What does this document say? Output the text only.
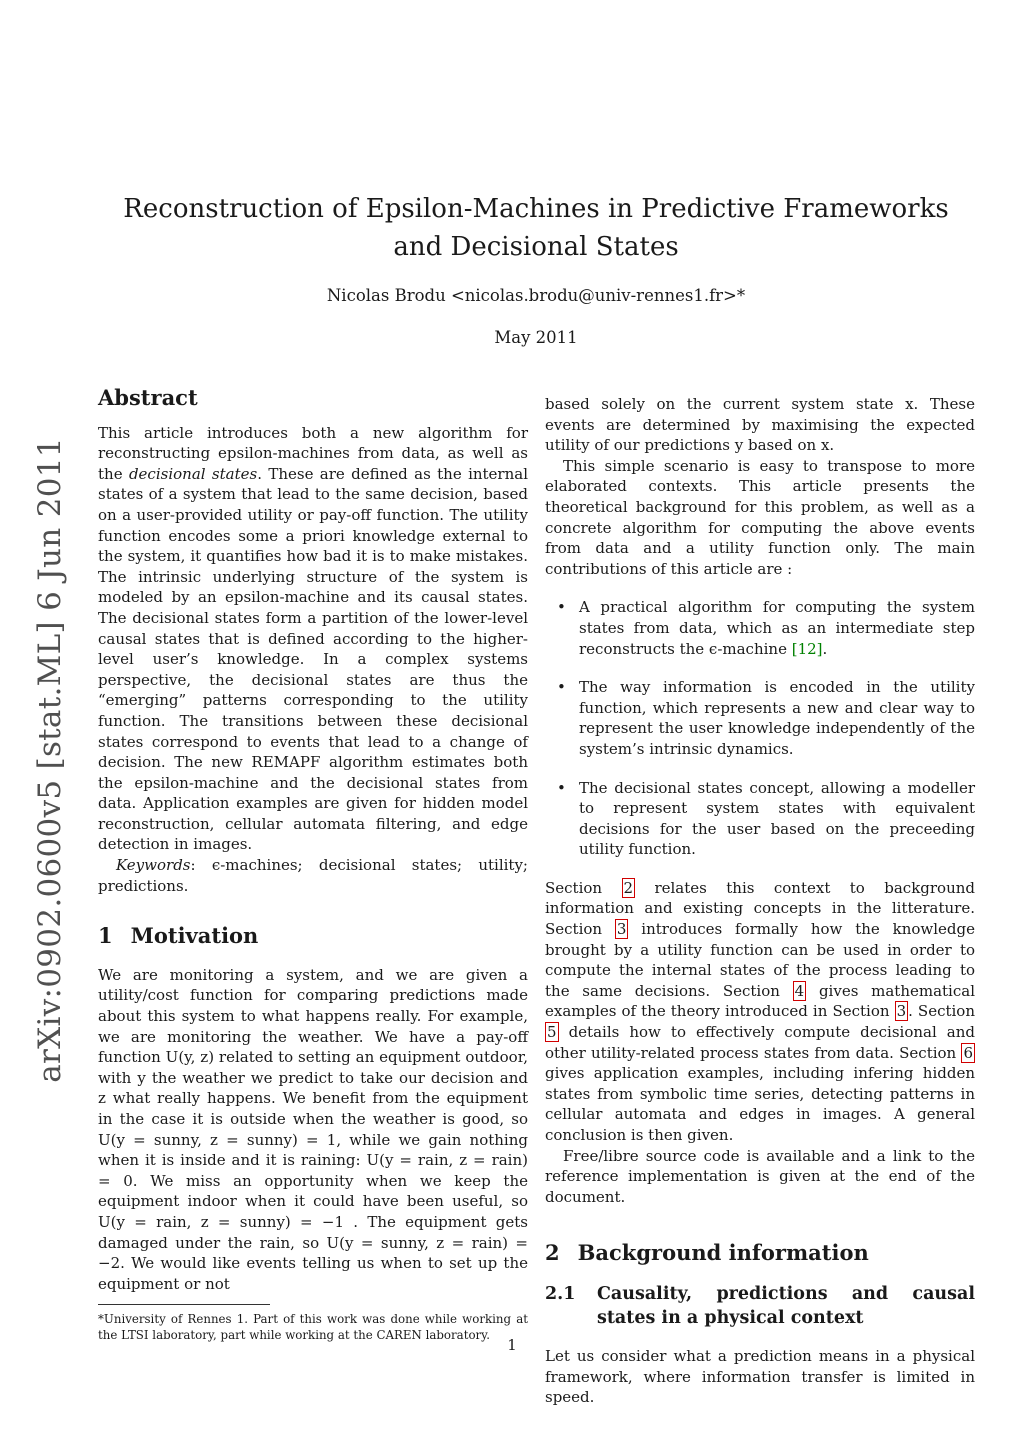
arXiv:0902.0600v5 [stat.ML] 6 Jun 2011
Reconstruction of Epsilon-Machines in Predictive Frameworks and Decisional States
Nicolas Brodu <nicolas.brodu@univ-rennes1.fr>*
May 2011
Abstract

This article introduces both a new algorithm for reconstructing epsilon-machines from data, as well as the decisional states. These are defined as the internal states of a system that lead to the same decision, based on a user-provided utility or pay-off function. The utility function encodes some a priori knowledge external to the system, it quantifies how bad it is to make mistakes. The intrinsic underlying structure of the system is modeled by an epsilon-machine and its causal states. The decisional states form a partition of the lower-level causal states that is defined according to the higher-level user’s knowledge. In a complex systems perspective, the decisional states are thus the “emerging” patterns corresponding to the utility function. The transitions between these decisional states correspond to events that lead to a change of decision. The new REMAPF algorithm estimates both the epsilon-machine and the decisional states from data. Application examples are given for hidden model reconstruction, cellular automata filtering, and edge detection in images.

Keywords: ϵ-machines; decisional states; utility; predictions.

1 Motivation

We are monitoring a system, and we are given a utility/cost function for comparing predictions made about this system to what happens really. For example, we are monitoring the weather. We have a pay-off function U(y, z) related to setting an equipment outdoor, with y the weather we predict to take our decision and z what really happens. We benefit from the equipment in the case it is outside when the weather is good, so U(y = sunny, z = sunny) = 1, while we gain nothing when it is inside and it is raining: U(y = rain, z = rain) = 0. We miss an opportunity when we keep the equipment indoor when it could have been useful, so U(y = rain, z = sunny) = −1 . The equipment gets damaged under the rain, so U(y = sunny, z = rain) = −2. We would like events telling us when to set up the equipment or not

*University of Rennes 1. Part of this work was done while working at the LTSI laboratory, part while working at the CAREN laboratory.

based solely on the current system state x. These events are determined by maximising the expected utility of our predictions y based on x.

This simple scenario is easy to transpose to more elaborated contexts. This article presents the theoretical background for this problem, as well as a concrete algorithm for computing the above events from data and a utility function only. The main contributions of this article are :

• A practical algorithm for computing the system states from data, which as an intermediate step reconstructs the ϵ-machine [12].
• The way information is encoded in the utility function, which represents a new and clear way to represent the user knowledge independently of the system’s intrinsic dynamics.
• The decisional states concept, allowing a modeller to represent system states with equivalent decisions for the user based on the preceeding utility function.

Section 2 relates this context to background information and existing concepts in the litterature. Section 3 introduces formally how the knowledge brought by a utility function can be used in order to compute the internal states of the process leading to the same decisions. Section 4 gives mathematical examples of the theory introduced in Section 3 . Section 5 details how to effectively compute decisional and other utility-related process states from data. Section 6 gives application examples, including infering hidden states from symbolic time series, detecting patterns in cellular automata and edges in images. A general conclusion is then given.

Free/libre source code is available and a link to the reference implementation is given at the end of the document.

2 Background information
2.1 Causality, predictions and causal states in a physical context

Let us consider what a prediction means in a physical framework, where information transfer is limited in speed.

1
